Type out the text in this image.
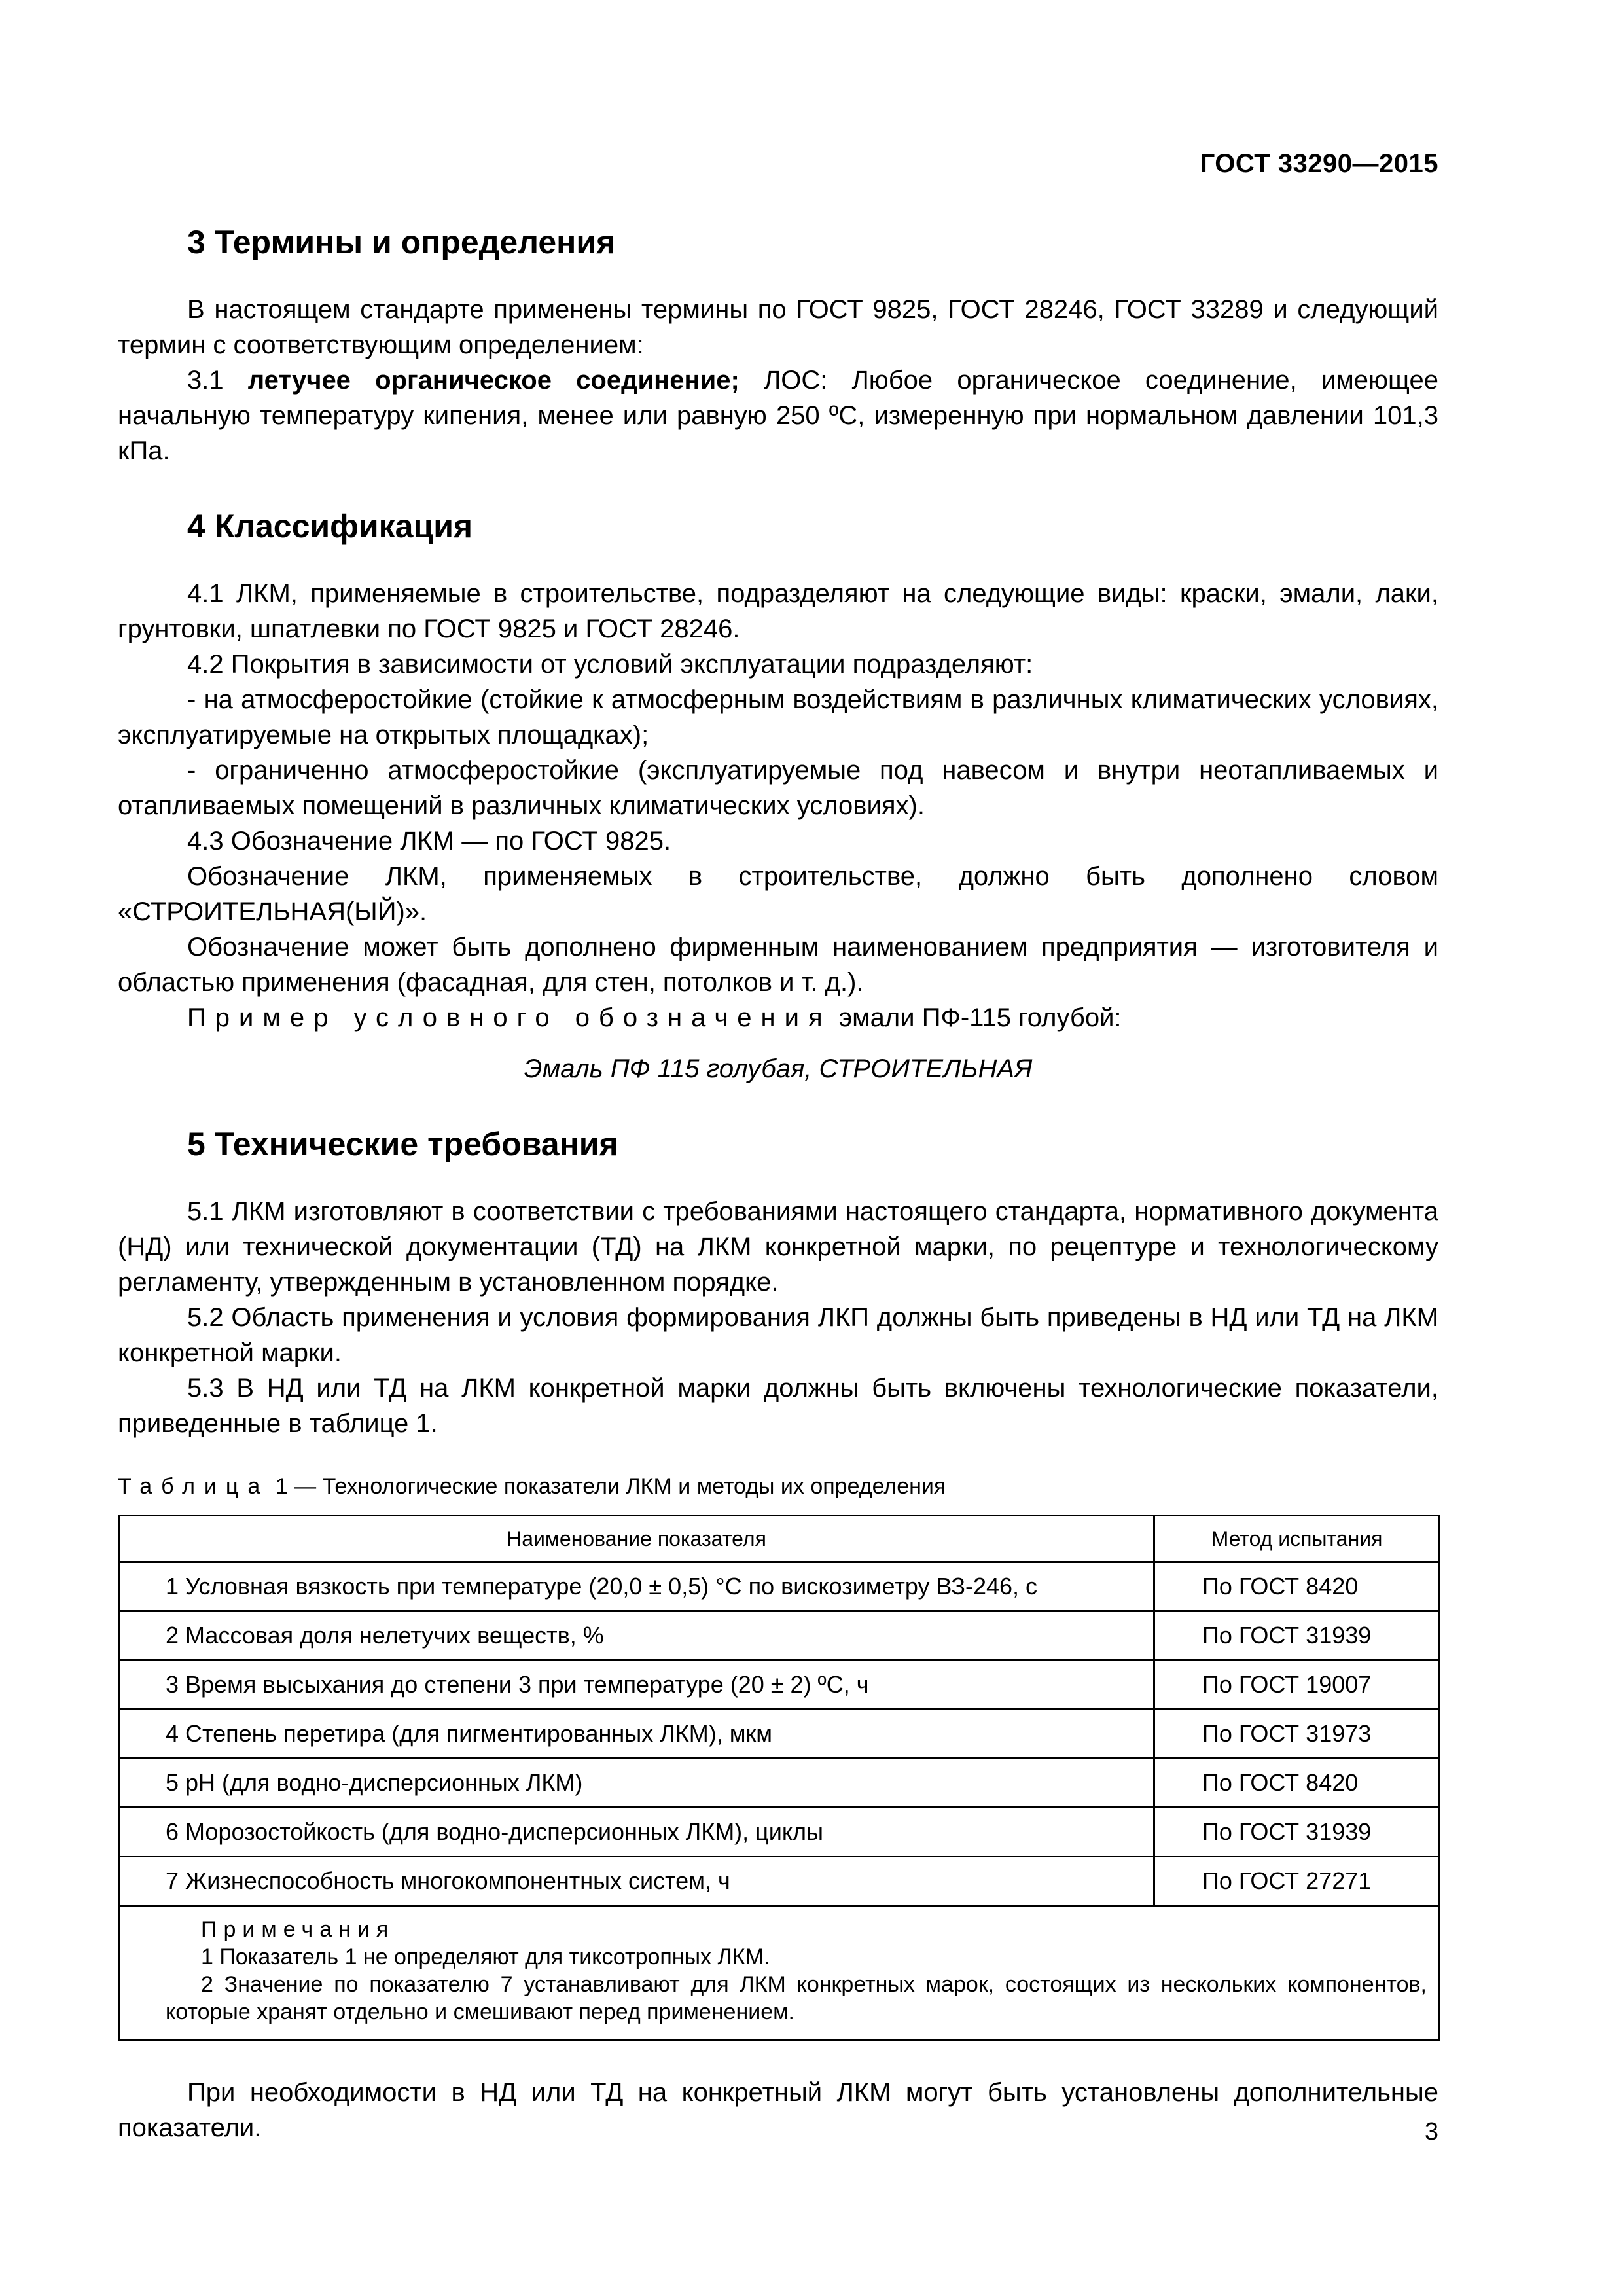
ГОСТ 33290—2015
3 Термины и определения

В настоящем стандарте применены термины по ГОСТ 9825, ГОСТ 28246, ГОСТ 33289 и следующий термин с соответствующим определением:

3.1 летучее органическое соединение; ЛОС: Любое органическое соединение, имеющее начальную температуру кипения, менее или равную 250 ºС, измеренную при нормальном давлении 101,3 кПа.

4 Классификация

4.1 ЛКМ, применяемые в строительстве, подразделяют на следующие виды: краски, эмали, лаки, грунтовки, шпатлевки по ГОСТ 9825 и ГОСТ 28246.

4.2 Покрытия в зависимости от условий эксплуатации подразделяют:

- на атмосферостойкие (стойкие к атмосферным воздействиям в различных климатических условиях, эксплуатируемые на открытых площадках);

- ограниченно атмосферостойкие (эксплуатируемые под навесом и внутри неотапливаемых и отапливаемых помещений в различных климатических условиях).

4.3 Обозначение ЛКМ — по ГОСТ 9825.

Обозначение ЛКМ, применяемых в строительстве, должно быть дополнено словом «СТРОИТЕЛЬНАЯ(ЫЙ)».

Обозначение может быть дополнено фирменным наименованием предприятия — изготовителя и областью применения (фасадная, для стен, потолков и т. д.).

Пример условного обозначения эмали ПФ-115 голубой:

Эмаль ПФ 115 голубая, СТРОИТЕЛЬНАЯ

5 Технические требования

5.1 ЛКМ изготовляют в соответствии с требованиями настоящего стандарта, нормативного документа (НД) или технической документации (ТД) на ЛКМ конкретной марки, по рецептуре и технологическому регламенту, утвержденным в установленном порядке.

5.2 Область применения и условия формирования ЛКП должны быть приведены в НД или ТД на ЛКМ конкретной марки.

5.3 В НД или ТД на ЛКМ конкретной марки должны быть включены технологические показатели, приведенные в таблице 1.

Таблица 1 — Технологические показатели ЛКМ и методы их определения
Наименование показателя	Метод испытания
1 Условная вязкость при температуре (20,0 ± 0,5) °С по вискозиметру ВЗ-246, с	По ГОСТ 8420
2 Массовая доля нелетучих веществ, %	По ГОСТ 31939
3 Время высыхания до степени 3 при температуре (20 ± 2) ºС, ч	По ГОСТ 19007
4 Степень перетира (для пигментированных ЛКМ), мкм	По ГОСТ 31973
5 рН (для водно-дисперсионных ЛКМ)	По ГОСТ 8420
6 Морозостойкость (для водно-дисперсионных ЛКМ), циклы	По ГОСТ 31939
7 Жизнеспособность многокомпонентных систем, ч	По ГОСТ 27271

Примечания
1 Показатель 1 не определяют для тиксотропных ЛКМ.
2 Значение по показателю 7 устанавливают для ЛКМ конкретных марок, состоящих из нескольких компонентов, которые хранят отдельно и смешивают перед применением.	

При необходимости в НД или ТД на конкретный ЛКМ могут быть установлены дополнительные показатели.	3
